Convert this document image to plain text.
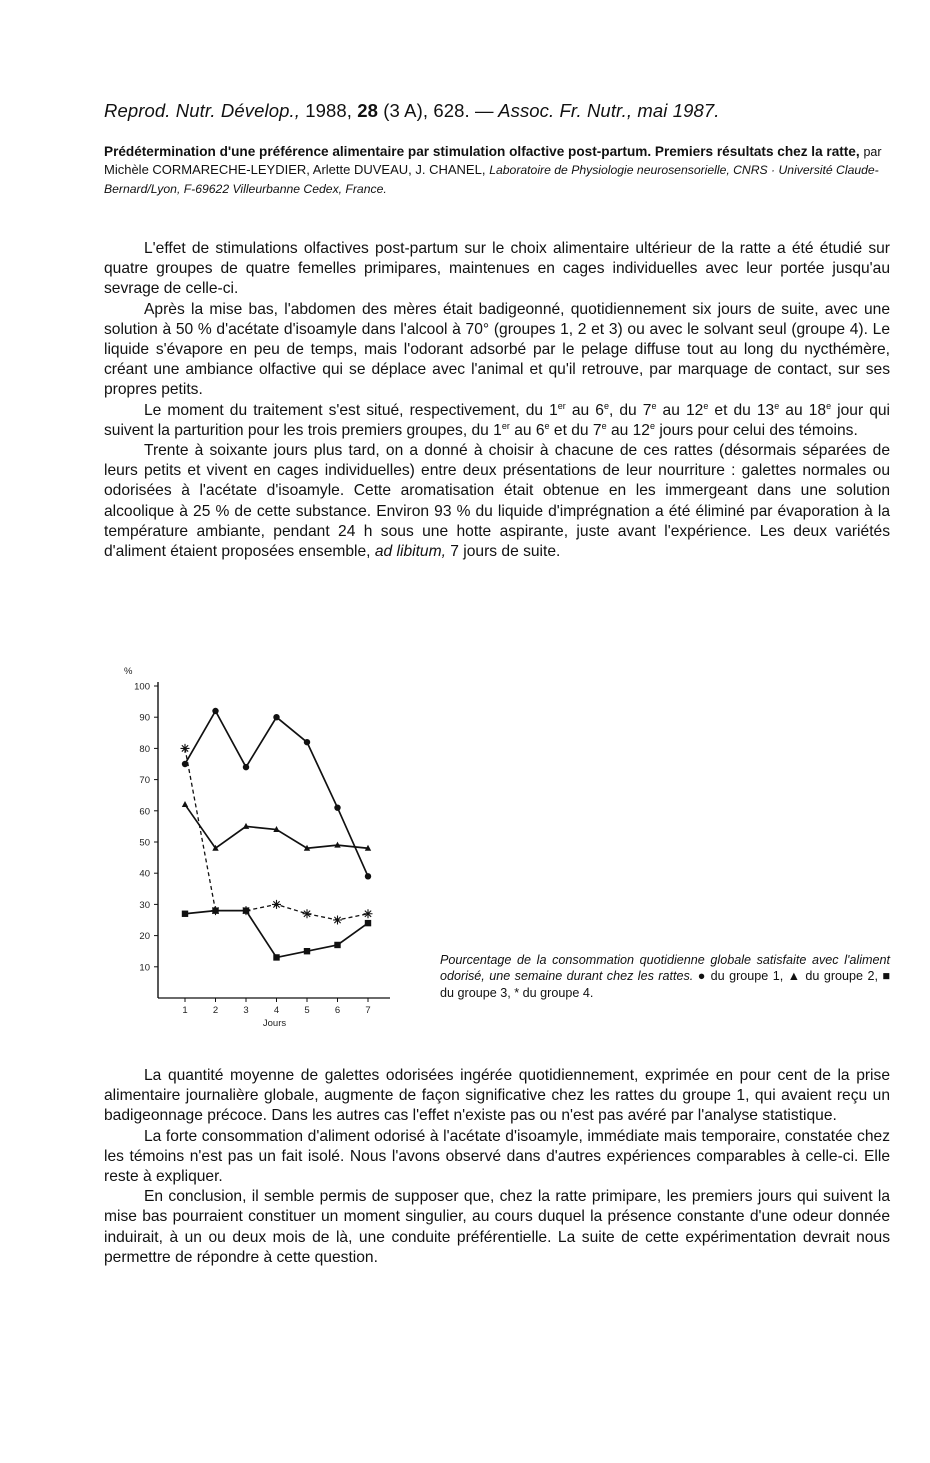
Reprod. Nutr. Dévelop., 1988, 28 (3 A), 628. — Assoc. Fr. Nutr., mai 1987.
Prédétermination d'une préférence alimentaire par stimulation olfactive post-partum. Premiers résultats chez la ratte, par Michèle CORMARECHE-LEYDIER, Arlette DUVEAU, J. CHANEL, Laboratoire de Physiologie neurosensorielle, CNRS · Université Claude-Bernard/Lyon, F-69622 Villeurbanne Cedex, France.

L'effet de stimulations olfactives post-partum sur le choix alimentaire ultérieur de la ratte a été étudié sur quatre groupes de quatre femelles primipares, maintenues en cages individuelles avec leur portée jusqu'au sevrage de celle-ci.

Après la mise bas, l'abdomen des mères était badigeonné, quotidiennement six jours de suite, avec une solution à 50 % d'acétate d'isoamyle dans l'alcool à 70° (groupes 1, 2 et 3) ou avec le solvant seul (groupe 4). Le liquide s'évapore en peu de temps, mais l'odorant adsorbé par le pelage diffuse tout au long du nycthémère, créant une ambiance olfactive qui se déplace avec l'animal et qu'il retrouve, par marquage de contact, sur ses propres petits.

Le moment du traitement s'est situé, respectivement, du 1er au 6e, du 7e au 12e et du 13e au 18e jour qui suivent la parturition pour les trois premiers groupes, du 1er au 6e et du 7e au 12e jours pour celui des témoins.

Trente à soixante jours plus tard, on a donné à choisir à chacune de ces rattes (désormais séparées de leurs petits et vivent en cages individuelles) entre deux présentations de leur nourriture : galettes normales ou odorisées à l'acétate d'isoamyle. Cette aromatisation était obtenue en les immergeant dans une solution alcoolique à 25 % de cette substance. Environ 93 % du liquide d'imprégnation a été éliminé par évaporation à la température ambiante, pendant 24 h sous une hotte aspirante, juste avant l'expérience. Les deux variétés d'aliment étaient proposées ensemble, ad libitum, 7 jours de suite.

%
10
20
30
40
50
60
70
80
90
100
1	2	3	4	5	6	7
Jours
Pourcentage de la consommation quotidienne globale satisfaite avec l'aliment odorisé, une semaine durant chez les rattes. ● du groupe 1, ▲ du groupe 2, ■ du groupe 3, * du groupe 4.

La quantité moyenne de galettes odorisées ingérée quotidiennement, exprimée en pour cent de la prise alimentaire journalière globale, augmente de façon significative chez les rattes du groupe 1, qui avaient reçu un badigeonnage précoce. Dans les autres cas l'effet n'existe pas ou n'est pas avéré par l'analyse statistique.

La forte consommation d'aliment odorisé à l'acétate d'isoamyle, immédiate mais temporaire, constatée chez les témoins n'est pas un fait isolé. Nous l'avons observé dans d'autres expériences comparables à celle-ci. Elle reste à expliquer.

En conclusion, il semble permis de supposer que, chez la ratte primipare, les premiers jours qui suivent la mise bas pourraient constituer un moment singulier, au cours duquel la présence constante d'une odeur donnée induirait, à un ou deux mois de là, une conduite préférentielle. La suite de cette expérimentation devrait nous permettre de répondre à cette question.
